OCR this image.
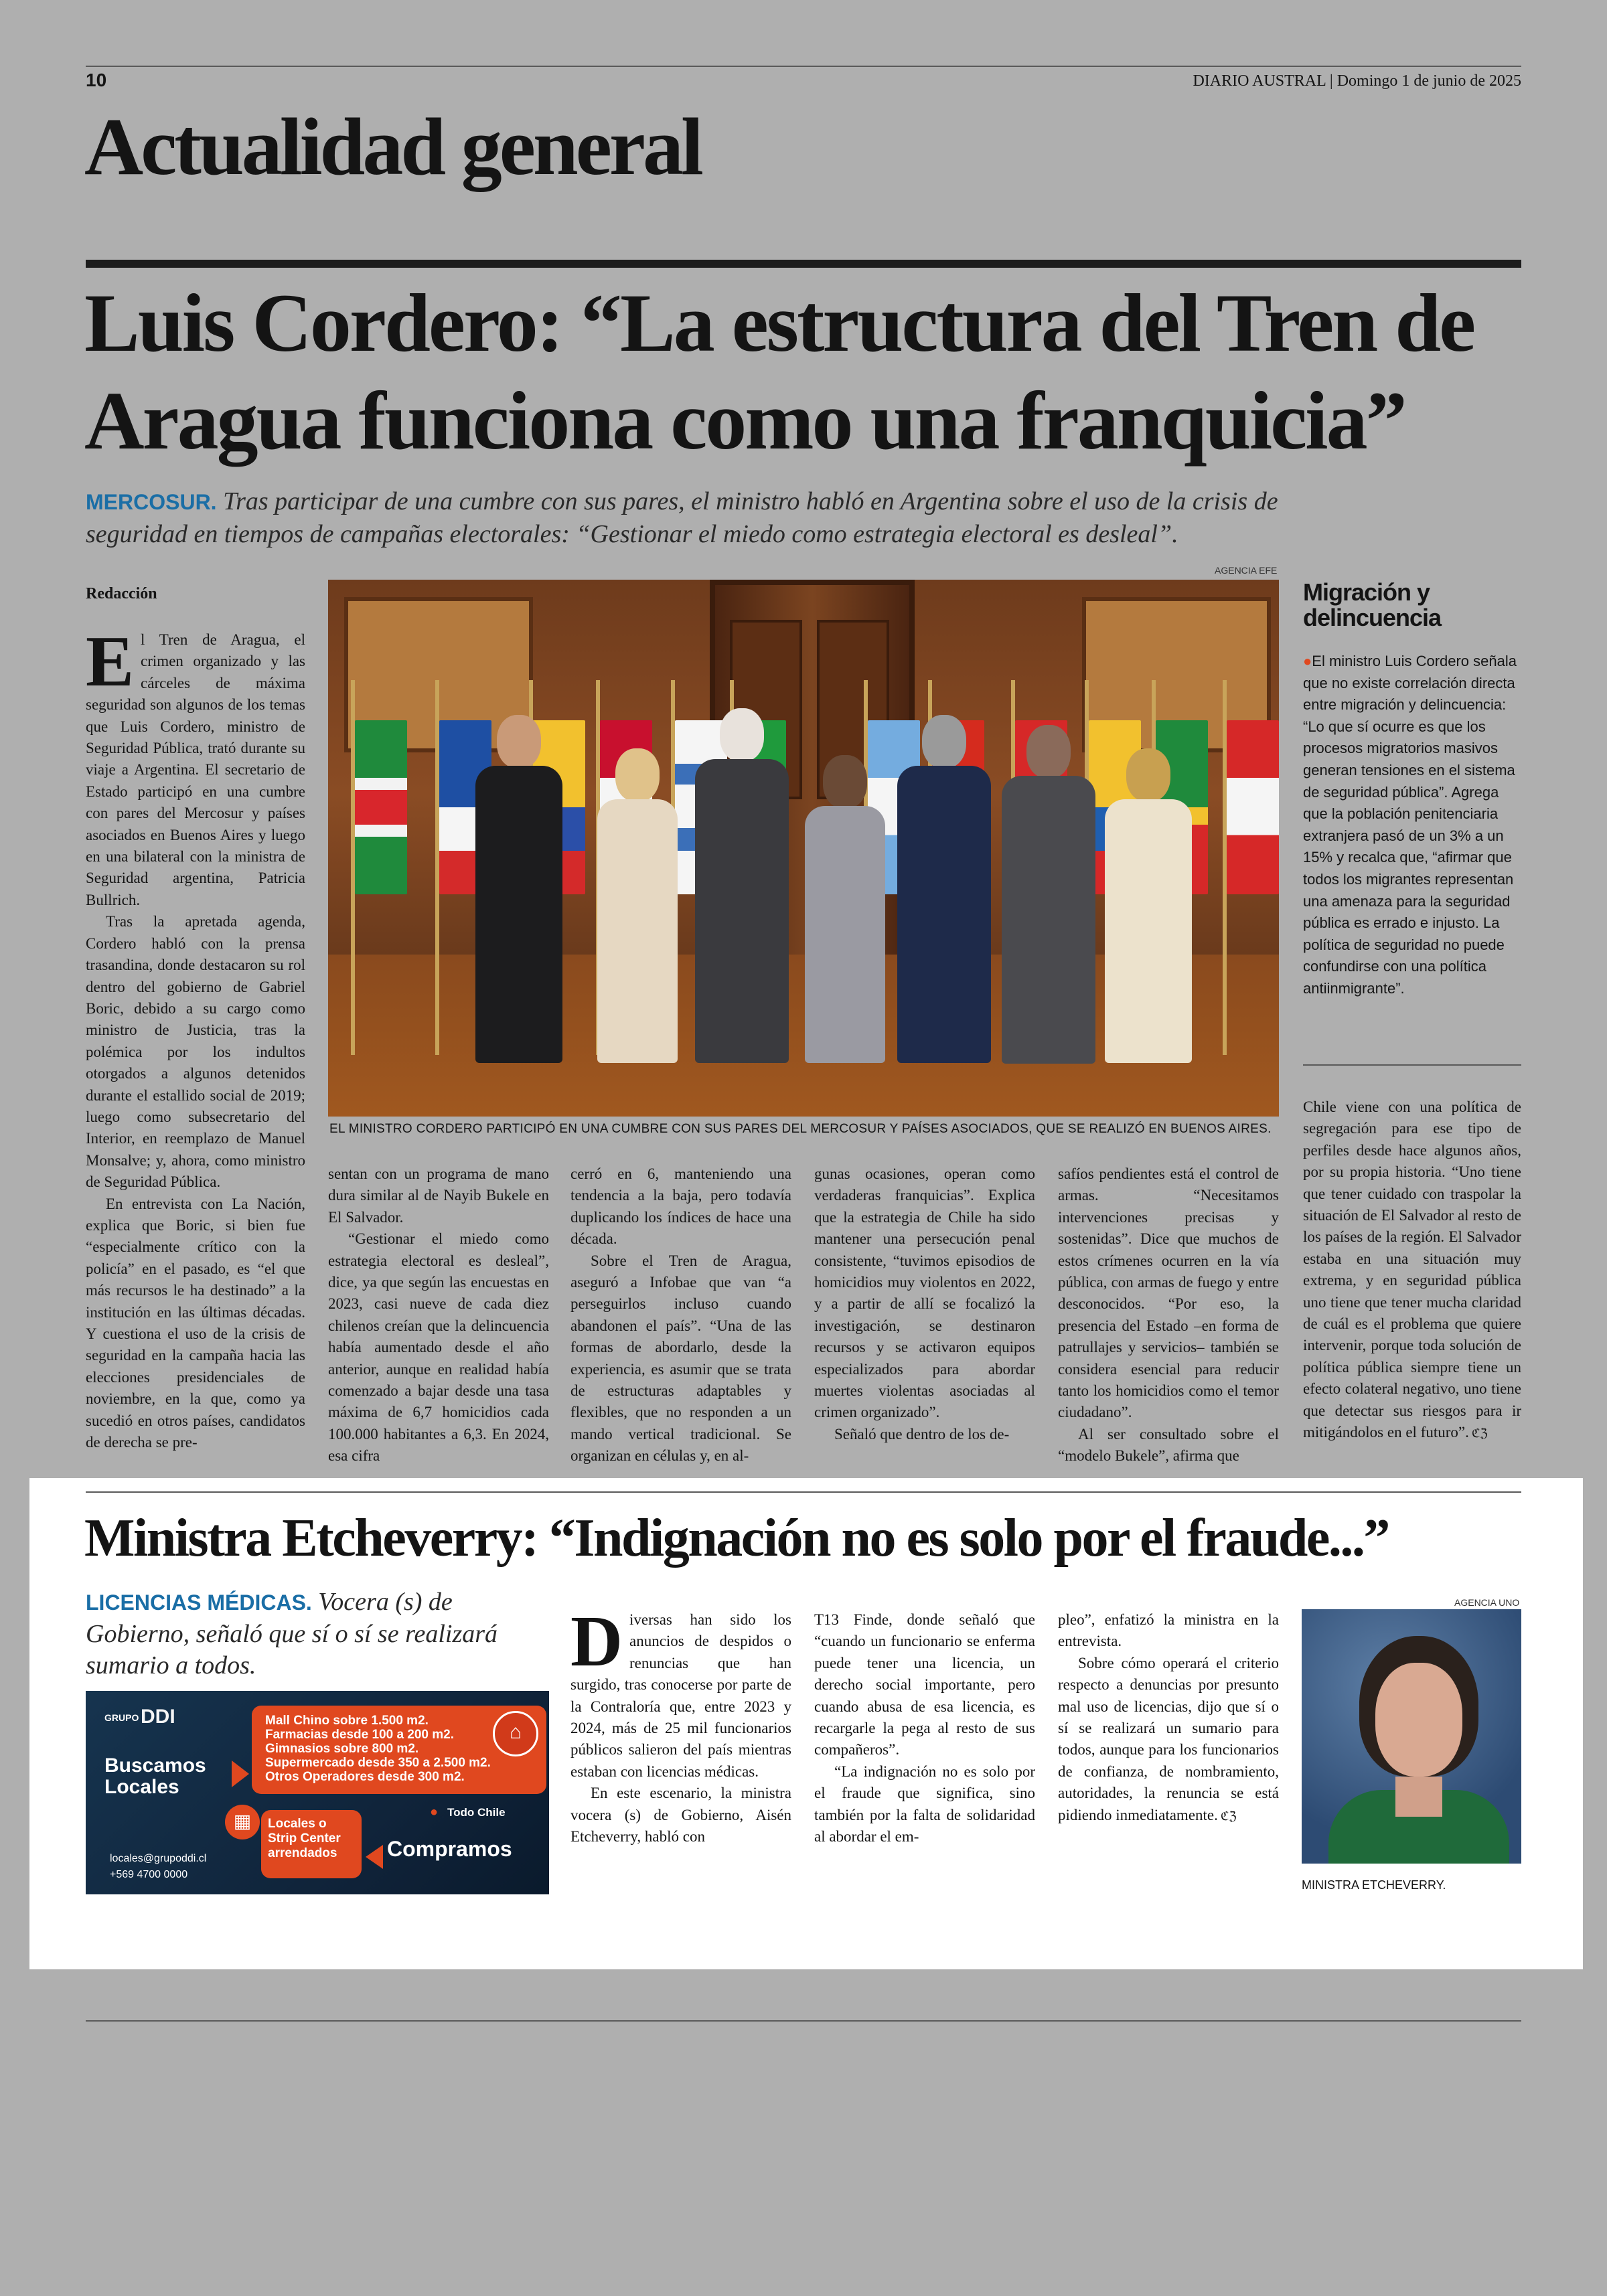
10	DIARIO AUSTRAL | Domingo 1 de junio de 2025
Actualidad general
Luis Cordero: “La estructura del Tren de
Aragua funciona como una franquicia”
MERCOSUR. Tras participar de una cumbre con sus pares, el ministro habló en Argentina sobre el uso de la crisis de
seguridad en tiempos de campañas electorales: “Gestionar el miedo como estrategia electoral es desleal”.
Redacción

El Tren de Aragua, el crimen organizado y las cárceles de máxima seguridad son algunos de los temas que Luis Cordero, ministro de Seguridad Pública, trató durante su viaje a Argentina. El secretario de Estado participó en una cumbre con pares del Mercosur y países asociados en Buenos Aires y luego en una bilateral con la ministra de Seguridad argentina, Patricia Bullrich.

Tras la apretada agenda, Cordero habló con la prensa trasandina, donde destacaron su rol dentro del gobierno de Gabriel Boric, debido a su cargo como ministro de Justicia, tras la polémica por los indultos otorgados a algunos detenidos durante el estallido social de 2019; luego como subsecretario del Interior, en reemplazo de Manuel Monsalve; y, ahora, como ministro de Seguridad Pública.

En entrevista con La Nación, explica que Boric, si bien fue “especialmente crítico con la policía” en el pasado, es “el que más recursos le ha destinado” a la institución en las últimas décadas. Y cuestiona el uso de la crisis de seguridad en la campaña hacia las elecciones presidenciales de noviembre, en la que, como ya sucedió en otros países, candidatos de derecha se pre-

AGENCIA EFE
EL MINISTRO CORDERO PARTICIPÓ EN UNA CUMBRE CON SUS PARES DEL MERCOSUR Y PAÍSES ASOCIADOS, QUE SE REALIZÓ EN BUENOS AIRES.

sentan con un programa de mano dura similar al de Nayib Bukele en El Salvador.

“Gestionar el miedo como estrategia electoral es desleal”, dice, ya que según las encuestas en 2023, casi nueve de cada diez chilenos creían que la delincuencia había aumentado desde el año anterior, aunque en realidad había comenzado a bajar desde una tasa máxima de 6,7 homicidios cada 100.000 habitantes a 6,3. En 2024, esa cifra

cerró en 6, manteniendo una tendencia a la baja, pero todavía duplicando los índices de hace una década.

Sobre el Tren de Aragua, aseguró a Infobae que van “a perseguirlos incluso cuando abandonen el país”. “Una de las formas de abordarlo, desde la experiencia, es asumir que se trata de estructuras adaptables y flexibles, que no responden a un mando vertical tradicional. Se organizan en células y, en al-

gunas ocasiones, operan como verdaderas franquicias”. Explica que la estrategia de Chile ha sido mantener una persecución penal consistente, “tuvimos episodios de homicidios muy violentos en 2022, y a partir de allí se focalizó la investigación, se destinaron recursos y se activaron equipos especializados para abordar muertes violentas asociadas al crimen organizado”.

Señaló que dentro de los de-

safíos pendientes está el control de armas. “Necesitamos intervenciones precisas y sostenidas”. Dice que muchos de estos crímenes ocurren en la vía pública, con armas de fuego y entre desconocidos. “Por eso, la presencia del Estado –en forma de patrullajes y servicios– también se considera esencial para reducir tanto los homicidios como el temor ciudadano”.

Al ser consultado sobre el “modelo Bukele”, afirma que

Migración y delincuencia

●El ministro Luis Cordero señala que no existe correlación directa entre migración y delincuencia: “Lo que sí ocurre es que los procesos migratorios masivos generan tensiones en el sistema de seguridad pública”. Agrega que la población penitenciaria extranjera pasó de un 3% a un 15% y recalca que, “afirmar que todos los migrantes representan una amenaza para la seguridad pública es errado e injusto. La política de seguridad no puede confundirse con una política antiinmigrante”.

Chile viene con una política de segregación para ese tipo de perfiles desde hace algunos años, por su propia historia. “Uno tiene que tener cuidado con traspolar la situación de El Salvador al resto de los países de la región. El Salvador estaba en una situación muy extrema, y en seguridad pública uno tiene que tener mucha claridad de cuál es el problema que quiere intervenir, porque toda solución de política pública siempre tiene un efecto colateral negativo, uno tiene que detectar sus riesgos para ir mitigándolos en el futuro”. ℭℨ

Ministra Etcheverry: “Indignación no es solo por el fraude...”
LICENCIAS MÉDICAS. Vocera (s) de Gobierno, señaló que sí o sí se realizará sumario a todos.
GRUPO DDI
Buscamos Locales
Mall Chino sobre 1.500 m2.
Farmacias desde 100 a 200 m2.
Gimnasios sobre 800 m2.
Supermercado desde 350 a 2.500 m2.
Otros Operadores desde 300 m2.
⌂
▦	Locales o Strip Center arrendados
● Todo Chile
Compramos
locales@grupoddi.cl
+569 4700 0000

Diversas han sido los anuncios de despidos o renuncias que han surgido, tras conocerse por parte de la Contraloría que, entre 2023 y 2024, más de 25 mil funcionarios públicos salieron del país mientras estaban con licencias médicas.

En este escenario, la ministra vocera (s) de Gobierno, Aisén Etcheverry, habló con

T13 Finde, donde señaló que “cuando un funcionario se enferma puede tener una licencia, un derecho social importante, pero cuando abusa de esa licencia, es recargarle la pega al resto de sus compañeros”.

“La indignación no es solo por el fraude que significa, sino también por la falta de solidaridad al abordar el em-

pleo”, enfatizó la ministra en la entrevista.

Sobre cómo operará el criterio respecto a denuncias por presunto mal uso de licencias, dijo que sí o sí se realizará un sumario para todos, aunque para los funcionarios de confianza, de nombramiento, autoridades, la renuncia se está pidiendo inmediatamente. ℭℨ

AGENCIA UNO
MINISTRA ETCHEVERRY.
